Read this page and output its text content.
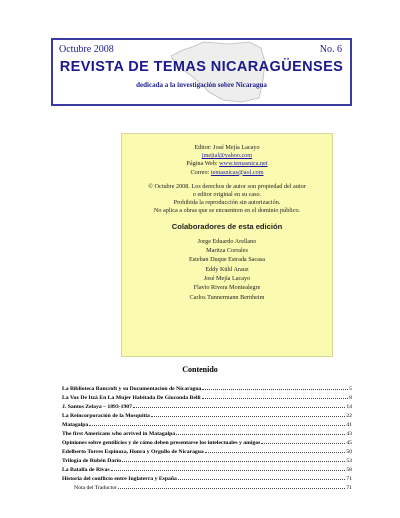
Octubre 2008	No. 6
REVISTA DE TEMAS NICARAGÜENSES
dedicada a la investigación sobre Nicaragua
Editor: José Mejía Lacayo
jmejial@yahoo.com
Página Web: www.temasnica.net
Correo: temasnicas@aol.com
© Octubre 2008. Los derechos de autor son propiedad del autor
o editor original en su caso.
Prohibida la reproducción sin autorización.
No aplica a obras que se encuentren en el dominio público.
Colaboradores de esta edición
Jorge Eduardo Arellano
Maritza Corrales
Esteban Duque Estrada Sacasa
Eddy Kühl Arauz
José Mejía Lacayo
Flavio Rivera Montealegre
Carlos Tunnermann Bernheim
Contenido
La Biblioteca Bancroft y su Documentacion de Nicaragua	5
La Voz De Itzá En La Mujer Habitada De Gioconda Belli	8
J. Santos Zelaya – 1893-1907	14
La Reincorporación de la Mosquitia	22
Matagalpa	41
The first Americans who arrived in Matagalpa	43
Opiniones sobre gentilicios y de cómo deben presentarse los intelectuales y amigos	45
Edelberto Torres Espinoza, Honra y Orgullo de Nicaragua	50
Trilogía de Rubén Darío	53
La Batalla de Rivas	58
Historia del conflicto entre Inglaterra y España	71
Nota del Traductor	71
